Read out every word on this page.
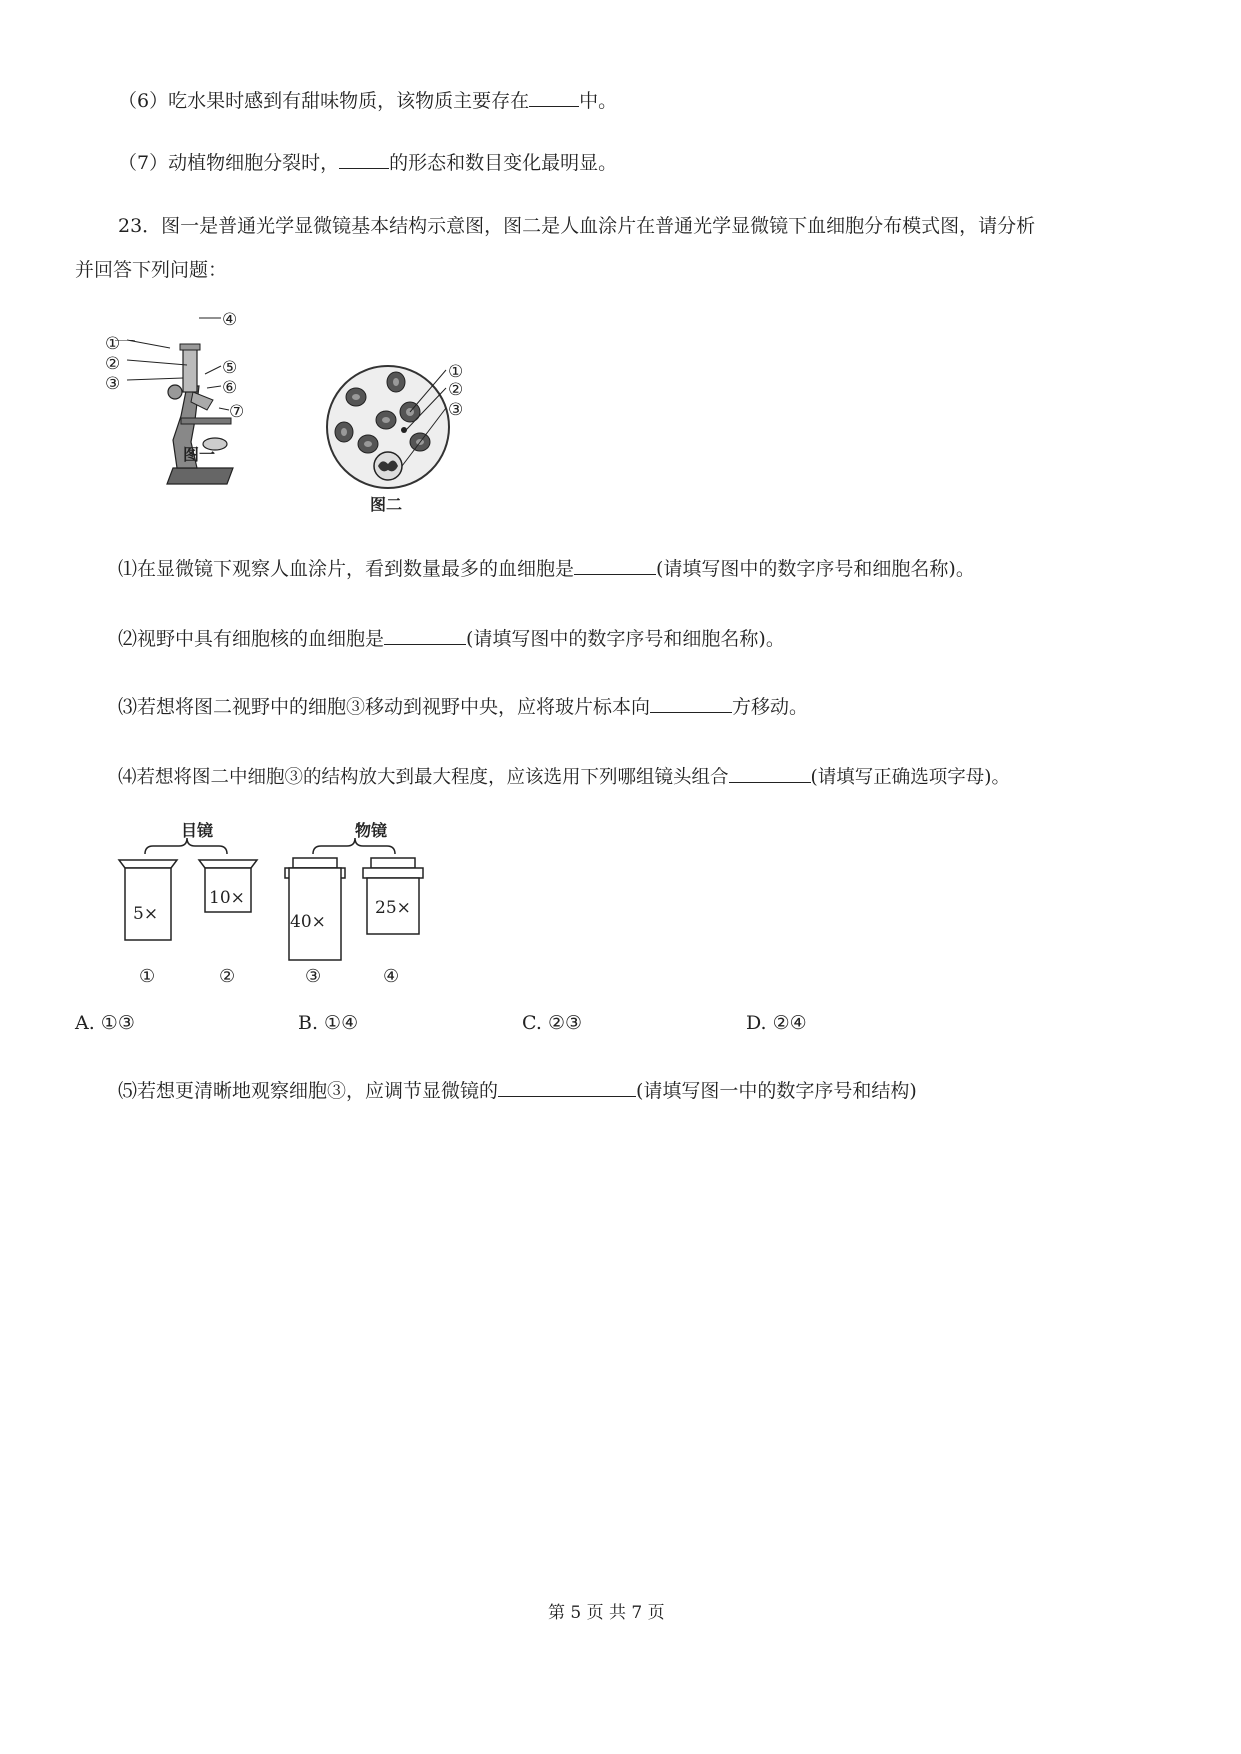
（6）吃水果时感到有甜味物质，该物质主要存在	中。
（7）动植物细胞分裂时，	的形态和数目变化最明显。
23．图一是普通光学显微镜基本结构示意图，图二是人血涂片在普通光学显微镜下血细胞分布模式图，请分析
并回答下列问题：
①
②
③
④
⑤
⑥
⑦
图一
①
②
③
图二
⑴在显微镜下观察人血涂片，看到数量最多的血细胞是	(请填写图中的数字序号和细胞名称)。
⑵视野中具有细胞核的血细胞是	(请填写图中的数字序号和细胞名称)。
⑶若想将图二视野中的细胞③移动到视野中央，应将玻片标本向	方移动。
⑷若想将图二中细胞③的结构放大到最大程度，应该选用下列哪组镜头组合	(请填写正确选项字母)。
目镜	物镜
5×
10×
40×
25×
①	②	③	④
A. ①③	B. ①④	C. ②③	D. ②④
⑸若想更清晰地观察细胞③，应调节显微镜的	(请填写图一中的数字序号和结构)
第 5 页 共 7 页
